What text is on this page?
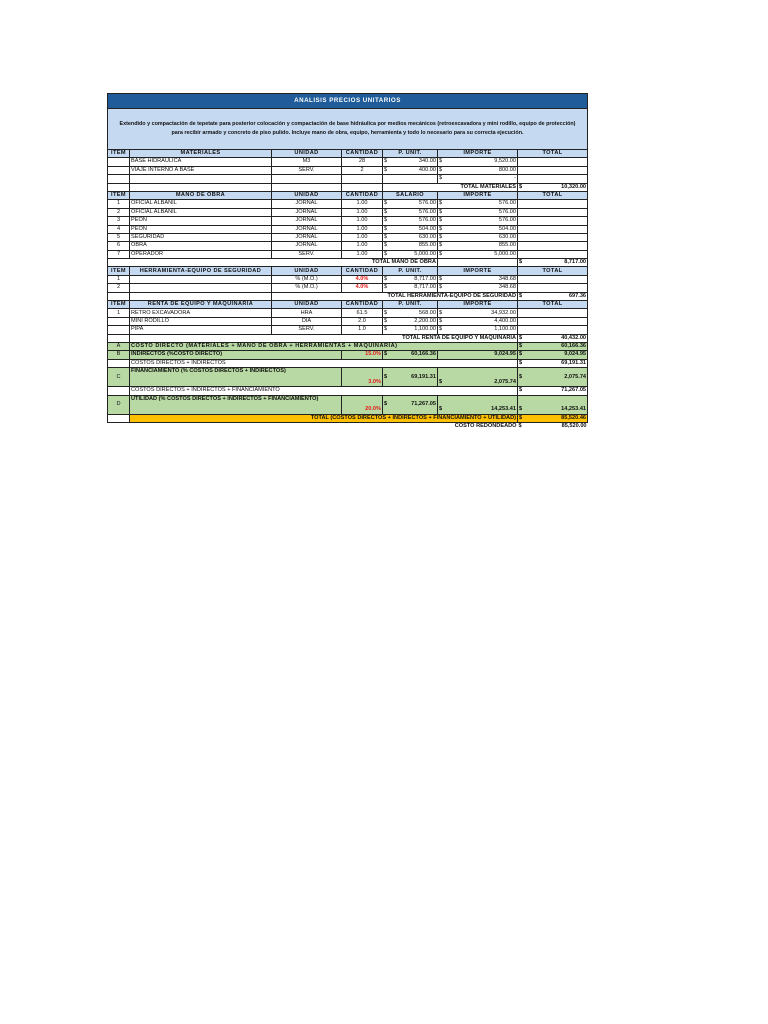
ANALISIS PRECIOS UNITARIOS						
Extendido y compactación de tepetate para posterior colocación y compactación de base hidráulica por medios mecánicos (retroexcavadora y mini rodillo, equipo de protección) para recibir armado y concreto de piso pulido. Incluye mano de obra, equipo, herramienta y todo lo necesario para su correcta ejecución.						
ITEM	MATERIALES	UNIDAD	CANTIDAD	P. UNIT.	IMPORTE	TOTAL
	BASE HIDRAULICA	M3	28	$ 340.00	$ 9,520.00	

	VIAJE INTERNO A BASE	SERV.	2	$ 400.00	$ 800.00	

					$ -	

				TOTAL MATERIALES		$ 10,320.00

ITEM	MANO DE OBRA	UNIDAD	CANTIDAD	SALARIO	IMPORTE	TOTAL
1	OFICIAL ALBAÑIL	JORNAL	1.00	$ 576.00	$ 576.00	

2	OFICIAL ALBAÑIL	JORNAL	1.00	$ 576.00	$ 576.00	

3	PEON	JORNAL	1.00	$ 576.00	$ 576.00	

4	PEON	JORNAL	1.00	$ 504.00	$ 504.00	

5	SEGURIDAD	JORNAL	1.00	$ 630.00	$ 630.00	

6	OBRA	JORNAL	1.00	$ 855.00	$ 855.00	

7	OPERADOR	SERV.	1.00	$ 5,000.00	$ 5,000.00	

TOTAL MANO DE OBRA						$ 8,717.00

ITEM	HERRAMIENTA-EQUIPO DE SEGURIDAD	UNIDAD	CANTIDAD	P. UNIT.	IMPORTE	TOTAL
1		% (M.O.)	4.0%	$ 8,717.00	$ 348.68	

2		% (M.O.)	4.0%	$ 8,717.00	$ 348.68	

		TOTAL HERRAMIENTA-EQUIPO DE SEGURIDAD				$ 697.36

ITEM	RENTA DE EQUIPO Y MAQUINARIA	UNIDAD	CANTIDAD	P. UNIT.	IMPORTE	TOTAL
1	RETRO EXCAVADORA	HRA	61.5	$ 568.00	$ 34,932.00	

	MINI RODILLO	DIA	2.0	$ 2,200.00	$ 4,400.00	

	PIPA	SERV.	1.0	$ 1,100.00	$ 1,100.00	

	TOTAL RENTA DE EQUIPO Y MAQUINARIA					$ 40,432.00

A	COSTO DIRECTO (MATERIALES + MANO DE OBRA + HERRAMIENTAS + MAQUINARIA)					$ 60,166.36

B	INDIRECTOS (%COSTO DIRECTO)		15.0%	$ 60,166.36	9,024.95	$ 9,024.95

	COSTOS DIRECTOS + INDIRECTOS					$ 69,191.31

C	FINANCIAMIENTO (% COSTOS DIRECTOS + INDIRECTOS)		3.0%	$ 69,191.31	$ 2,075.74	$ 2,075.74

	COSTOS DIRECTOS + INDIRECTOS + FINANCIAMIENTO					$ 71,267.05

D	UTILIDAD (% COSTOS DIRECTOS + INDIRECTOS + FINANCIAMIENTO)		20.0%	$ 71,267.05	$ 14,253.41	$ 14,253.41

	TOTAL (COSTOS DIRECTOS + INDIRECTOS + FINANCIAMIENTO + UTILIDAD)					$ 85,520.46

				COSTO REDONDEADO		$ 85,520.00
